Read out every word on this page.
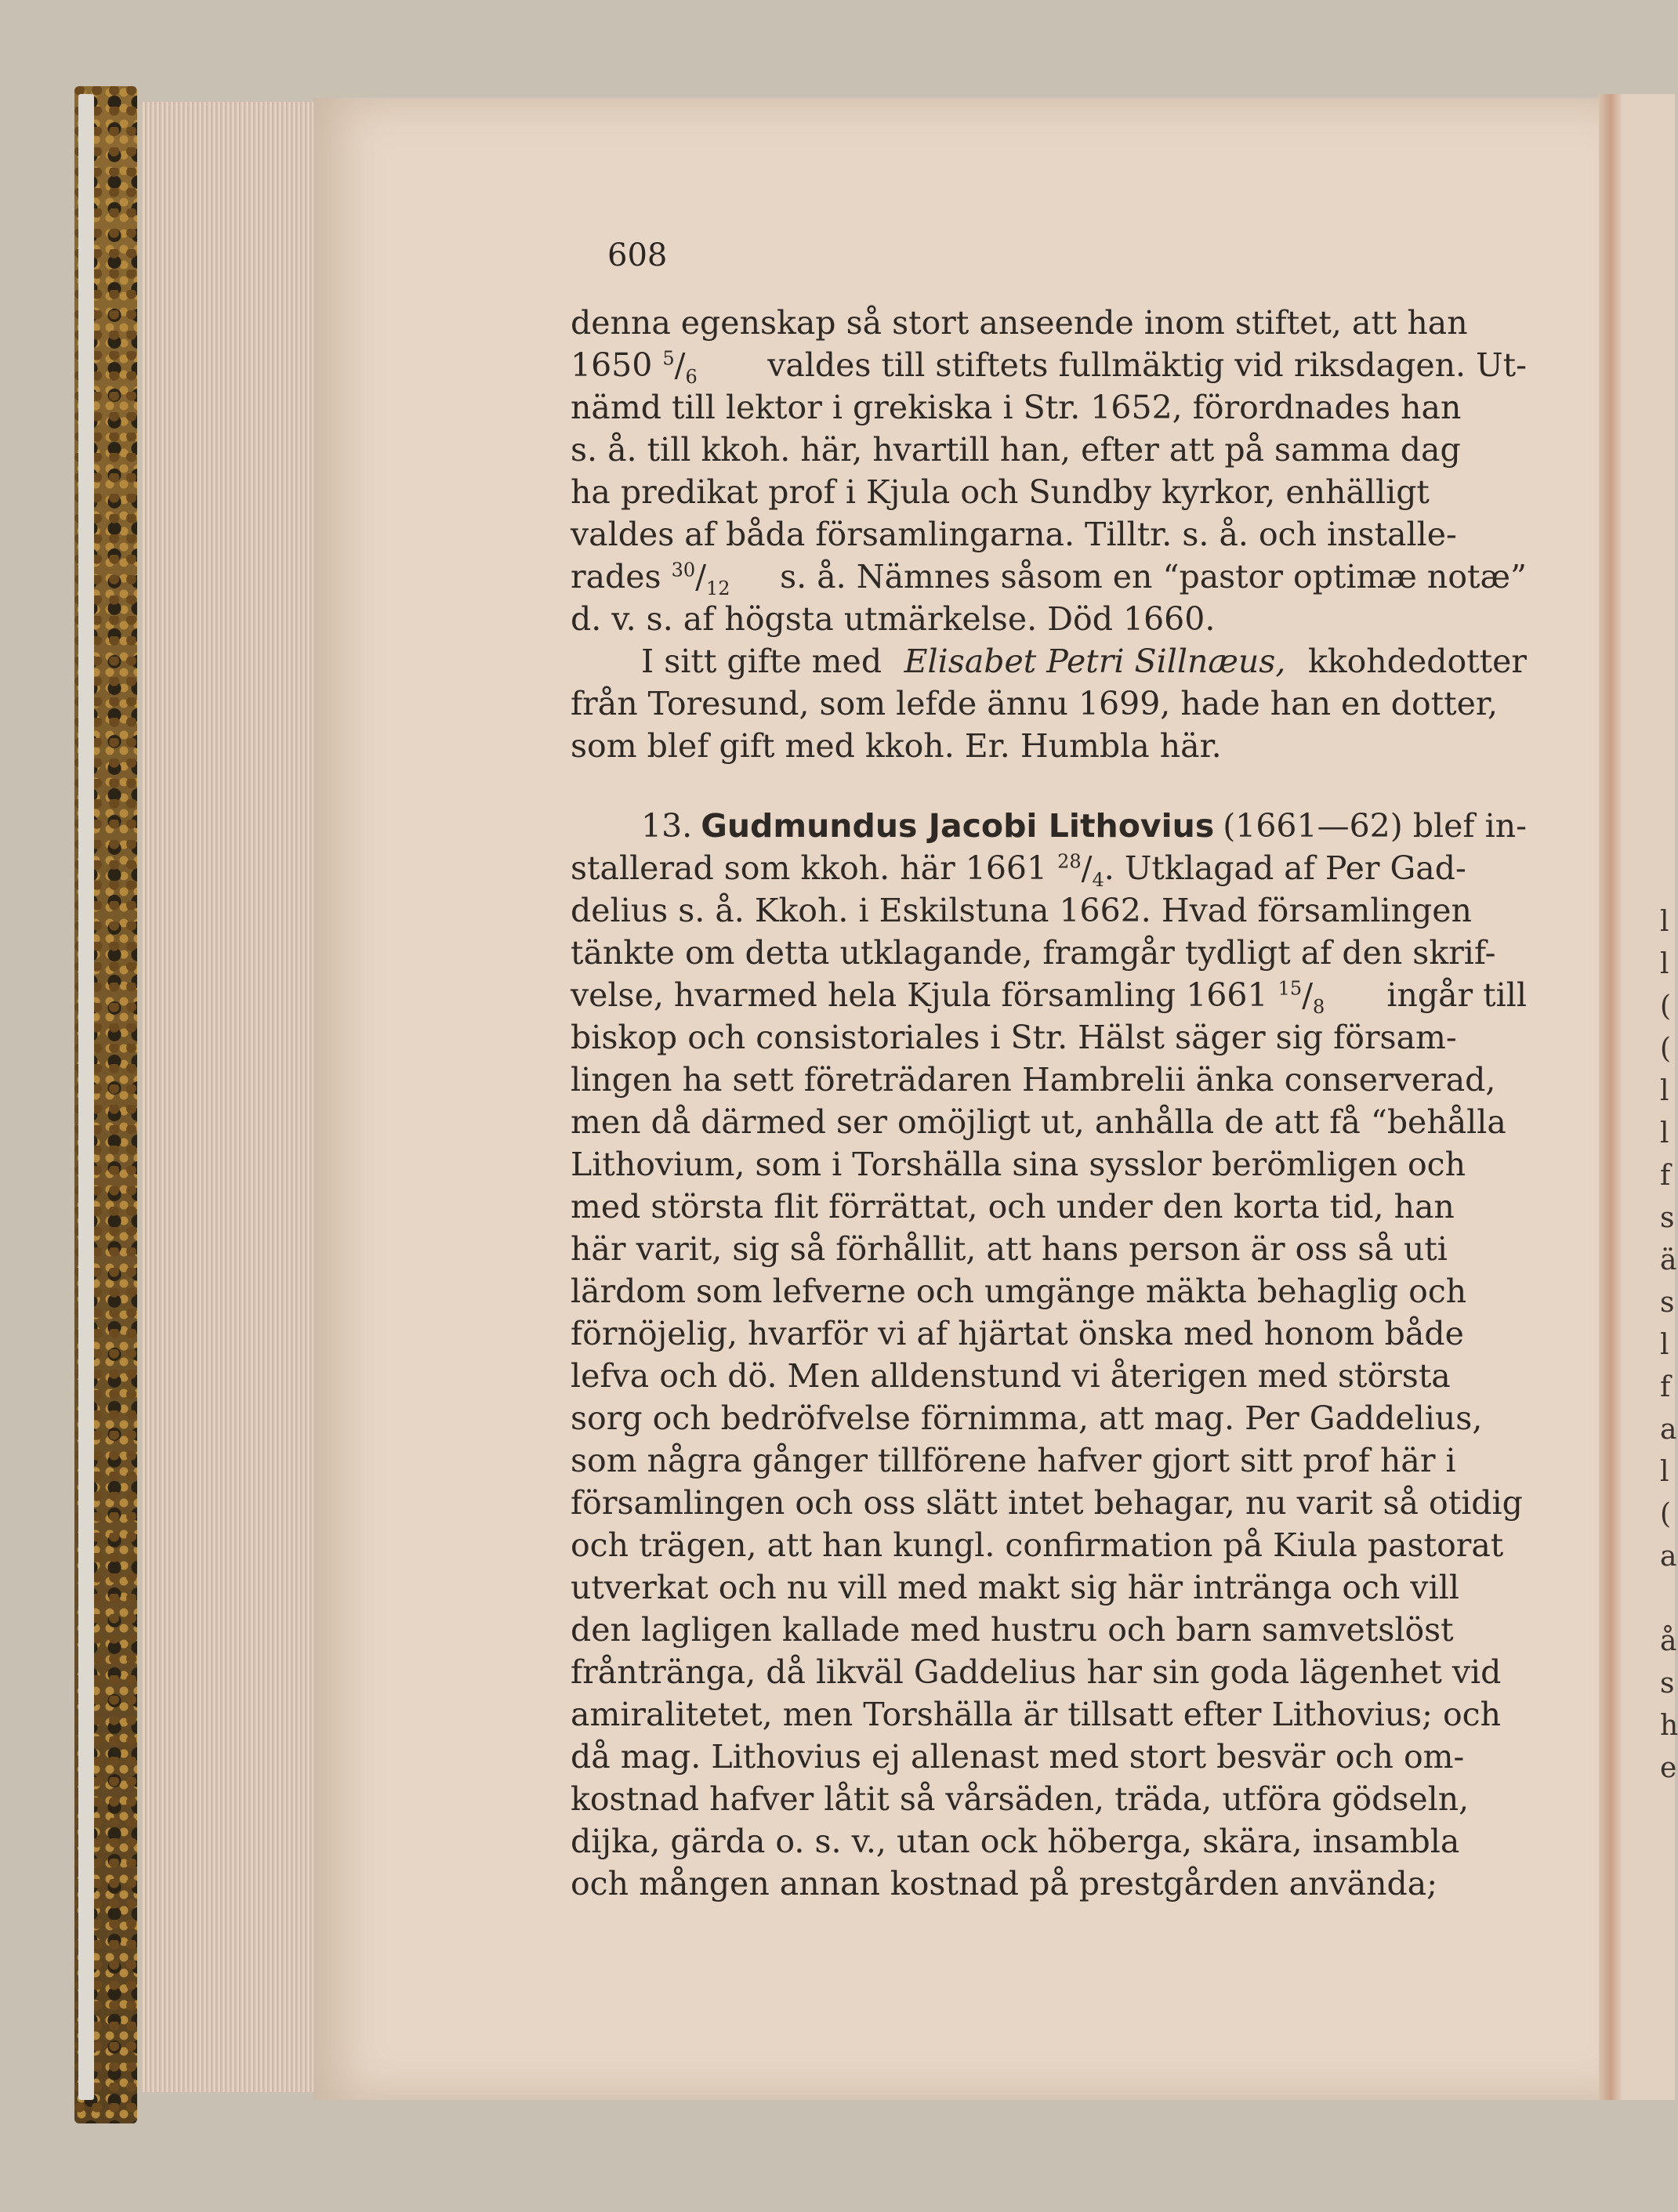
608
denna egenskap så stort anseende inom stiftet, att han
1650 $^5/_6$ valdes till stiftets fullmäktig vid riksdagen. Ut-
nämd till lektor i grekiska i Str. 1652, förordnades han
s. å. till kkoh. här, hvartill han, efter att på samma dag
ha predikat prof i Kjula och Sundby kyrkor, enhälligt
valdes af båda församlingarna. Tilltr. s. å. och installe-
rades $^{30}/_{12}$ s. å. Nämnes såsom en “pastor optimæ notæ”
d. v. s. af högsta utmärkelse. Död 1660.
I sitt gifte med Elisabet Petri Sillnæus, kkohdedotter
från Toresund, som lefde ännu 1699, hade han en dotter,
som blef gift med kkoh. Er. Humbla här.
13. Gudmundus Jacobi Lithovius (1661—62) blef in-
stallerad som kkoh. här 1661 $^{28}/_4$. Utklagad af Per Gad-
delius s. å. Kkoh. i Eskilstuna 1662. Hvad församlingen
tänkte om detta utklagande, framgår tydligt af den skrif-
velse, hvarmed hela Kjula församling 1661 $^{15}/_8$ ingår till
biskop och consistoriales i Str. Hälst säger sig försam-
lingen ha sett företrädaren Hambrelii änka conserverad,
men då därmed ser omöjligt ut, anhålla de att få “behålla
Lithovium, som i Torshälla sina sysslor berömligen och
med största flit förrättat, och under den korta tid, han
här varit, sig så förhållit, att hans person är oss så uti
lärdom som lefverne och umgänge mäkta behaglig och
förnöjelig, hvarför vi af hjärtat önska med honom både
lefva och dö. Men alldenstund vi återigen med största
sorg och bedröfvelse förnimma, att mag. Per Gaddelius,
som några gånger tillförene hafver gjort sitt prof här i
församlingen och oss slätt intet behagar, nu varit så otidig
och trägen, att han kungl. confirmation på Kiula pastorat
utverkat och nu vill med makt sig här intränga och vill
den lagligen kallade med hustru och barn samvetslöst
fråntränga, då likväl Gaddelius har sin goda lägenhet vid
amiralitetet, men Torshälla är tillsatt efter Lithovius; och
då mag. Lithovius ej allenast med stort besvär och om-
kostnad hafver låtit så vårsäden, träda, utföra gödseln,
dijka, gärda o. s. v., utan ock höberga, skära, insambla
och mången annan kostnad på prestgården använda;
l
l
(
(
l
l
f
s
ä
s
l
f
a
l
(
a
å
s
h
e
